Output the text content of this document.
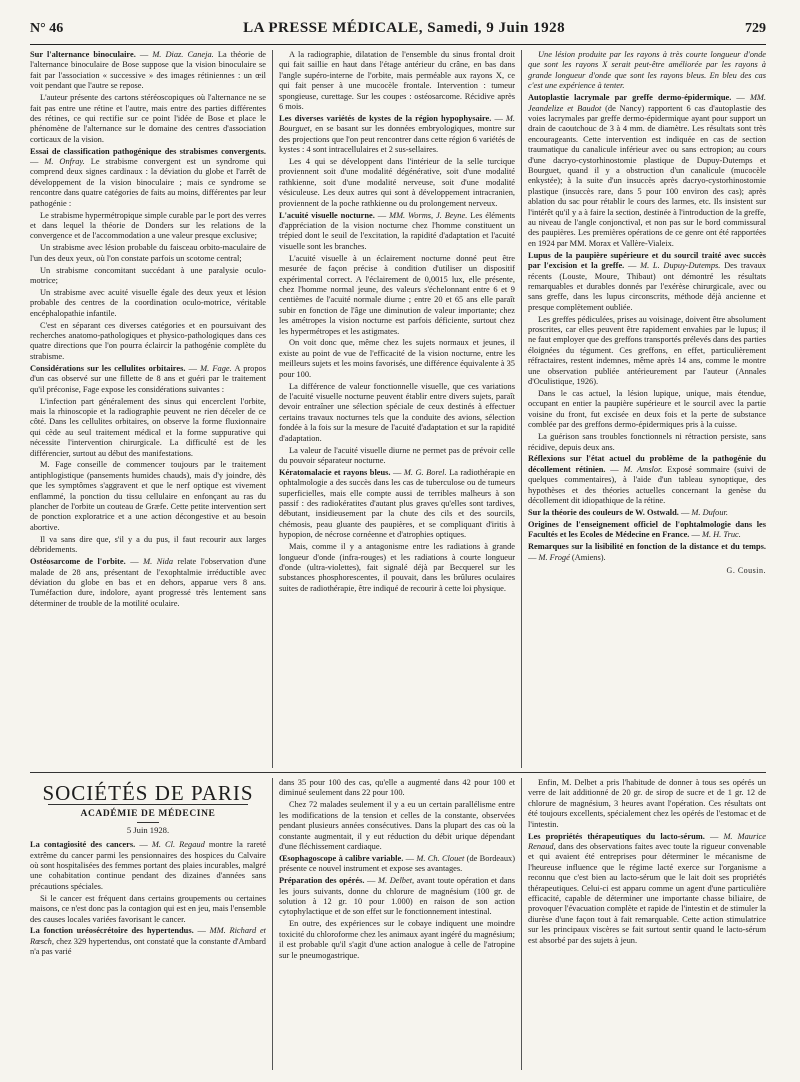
N° 46	LA PRESSE MÉDICALE, Samedi, 9 Juin 1928	729

Sur l'alternance binoculaire. — M. Diaz. Caneja. La théorie de l'alternance binoculaire de Bose suppose que la vision binoculaire se fait par l'association « successive » des images rétiniennes : un œil voit pendant que l'autre se repose.

L'auteur présente des cartons stéréoscopiques où l'alternance ne se fait pas entre une rétine et l'autre, mais entre des parties différentes des rétines, ce qui rectifie sur ce point l'idée de Bose et place le phénomène de l'alternance sur le domaine des centres d'association corticaux de la vision.

Essai de classification pathogénique des strabismes convergents. — M. Onfray. Le strabisme convergent est un syndrome qui comprend deux signes cardinaux : la déviation du globe et l'arrêt de développement de la vision binoculaire ; mais ce syndrome se rencontre dans quatre catégories de faits au moins, différentes par leur pathogénie :

Le strabisme hypermétropique simple curable par le port des verres et dans lequel la théorie de Donders sur les relations de la convergence et de l'accommodation a une valeur presque exclusive;

Un strabisme avec lésion probable du faisceau orbito-maculaire de l'un des deux yeux, où l'on constate parfois un scotome central;

Un strabisme concomitant succédant à une paralysie oculo-motrice;

Un strabisme avec acuité visuelle égale des deux yeux et lésion probable des centres de la coordination oculo-motrice, véritable encéphalopathie infantile.

C'est en séparant ces diverses catégories et en poursuivant des recherches anatomo-pathologiques et physico-pathologiques dans ces quatre directions que l'on pourra éclaircir la pathogénie complète du strabisme.

Considérations sur les cellulites orbitaires. — M. Fage. A propos d'un cas observé sur une fillette de 8 ans et guéri par le traitement qu'il préconise, Fage expose les considérations suivantes :

L'infection part généralement des sinus qui encerclent l'orbite, mais la rhinoscopie et la radiographie peuvent ne rien déceler de ce côté. Dans les cellulites orbitaires, on observe la forme fluxionnaire qui cède au seul traitement médical et la forme suppurative qui nécessite l'intervention chirurgicale. La difficulté est de les différencier, surtout au début des manifestations.

M. Fage conseille de commencer toujours par le traitement antiphlogistique (pansements humides chauds), mais d'y joindre, dès que les symptômes s'aggravent et que le nerf optique est vivement enflammé, la ponction du tissu cellulaire en enfonçant au ras du plancher de l'orbite un couteau de Græfe. Cette petite intervention sert de ponction exploratrice et a une action décongestive et au besoin abortive.

Il va sans dire que, s'il y a du pus, il faut recourir aux larges débridements.

Ostéosarcome de l'orbite. — M. Nida relate l'observation d'une malade de 28 ans, présentant de l'exophtalmie irréductible avec déviation du globe en bas et en dehors, apparue vers 8 ans. Tuméfaction dure, indolore, ayant progressé très lentement sans déterminer de trouble de la motilité oculaire.

A la radiographie, dilatation de l'ensemble du sinus frontal droit qui fait saillie en haut dans l'étage antérieur du crâne, en bas dans l'angle supéro-interne de l'orbite, mais perméable aux rayons X, ce qui fait penser à une mucocèle frontale. Intervention : tumeur spongieuse, curettage. Sur les coupes : ostéosarcome. Récidive après 6 mois.

Les diverses variétés de kystes de la région hypophysaire. — M. Bourguet, en se basant sur les données embryologiques, montre sur des projections que l'on peut rencontrer dans cette région 6 variétés de kystes : 4 sont intracellulaires et 2 sus-sellaires.

Les 4 qui se développent dans l'intérieur de la selle turcique proviennent soit d'une modalité dégénérative, soit d'une modalité rathkienne, soit d'une modalité nerveuse, soit d'une modalité vésiculeuse. Les deux autres qui sont à développement intracranien, proviennent de la poche rathkienne ou du prolongement nerveux.

L'acuité visuelle nocturne. — MM. Worms, J. Beyne. Les éléments d'appréciation de la vision nocturne chez l'homme constituent un trépied dont le seuil de l'excitation, la rapidité d'adaptation et l'acuité visuelle sont les branches.

L'acuité visuelle à un éclairement nocturne donné peut être mesurée de façon précise à condition d'utiliser un dispositif expérimental correct. A l'éclairement de 0,0015 lux, elle présente, chez l'homme normal jeune, des valeurs s'échelonnant entre 6 et 9 centièmes de l'acuité normale diurne ; entre 20 et 65 ans elle paraît subir en fonction de l'âge une diminution de valeur importante; chez les amétropes la vision nocturne est parfois déficiente, surtout chez les hypermétropes et les astigmates.

On voit donc que, même chez les sujets normaux et jeunes, il existe au point de vue de l'efficacité de la vision nocturne, entre les meilleurs sujets et les moins favorisés, une différence équivalente à 35 pour 100.

La différence de valeur fonctionnelle visuelle, que ces variations de l'acuité visuelle nocturne peuvent établir entre divers sujets, paraît devoir entraîner une sélection spéciale de ceux destinés à effectuer certains travaux nocturnes tels que la conduite des avions, sélection fondée à la fois sur la mesure de l'acuité d'adaptation et sur la rapidité d'adaptation.

La valeur de l'acuité visuelle diurne ne permet pas de prévoir celle du pouvoir séparateur nocturne.

Kératomalacie et rayons bleus. — M. G. Borel. La radiothérapie en ophtalmologie a des succès dans les cas de tuberculose ou de tumeurs superficielles, mais elle compte aussi de terribles malheurs à son passif : des radiokératites d'autant plus graves qu'elles sont tardives, débutant, insidieusement par la chute des cils et des sourcils, chémosis, peau gluante des paupières, et se compliquant d'iritis à hypopion, de nécrose cornéenne et d'atrophies optiques.

Mais, comme il y a antagonisme entre les radiations à grande longueur d'onde (infra-rouges) et les radiations à courte longueur d'onde (ultra-violettes), fait signalé déjà par Becquerel sur les substances phosphorescentes, il pouvait, dans les brûlures oculaires suites de radiothérapie, être indiqué de recourir à cette loi physique.

Une lésion produite par les rayons à très courte longueur d'onde que sont les rayons X serait peut-être améliorée par les rayons à grande longueur d'onde que sont les rayons bleus. En bleu des cas c'est une expérience à tenter.

Autoplastie lacrymale par greffe dermo-épidermique. — MM. Jeandelize et Baudot (de Nancy) rapportent 6 cas d'autoplastie des voies lacrymales par greffe dermo-épidermique ayant pour support un drain de caoutchouc de 3 à 4 mm. de diamètre. Les résultats sont très encourageants. Cette intervention est indiquée en cas de section traumatique du canalicule inférieur avec ou sans ectropion; au cours d'une dacryo-cystorhinostomie plastique de Dupuy-Dutemps et Bourguet, quand il y a obstruction d'un canalicule (mucocèle enkystée); à la suite d'un insuccès après dacryo-cystorhinostomie plastique (insuccès rare, dans 5 pour 100 environ des cas); après ablation du sac pour rétablir le cours des larmes, etc. Ils insistent sur l'intérêt qu'il y a à faire la section, destinée à l'introduction de la greffe, au niveau de l'angle conjonctival, et non pas sur le bord commissural des paupières. Les premières opérations de ce genre ont été rapportées en 1924 par MM. Morax et Vallère-Vialeix.

Lupus de la paupière supérieure et du sourcil traité avec succès par l'excision et la greffe. — M. L. Dupuy-Dutemps. Des travaux récents (Louste, Moure, Thibaut) ont démontré les résultats remarquables et durables donnés par l'exérèse chirurgicale, avec ou sans greffe, dans les lupus circonscrits, méthode déjà ancienne et presque complètement oubliée.

Les greffes pédiculées, prises au voisinage, doivent être absolument proscrites, car elles peuvent être rapidement envahies par le lupus; il ne faut employer que des greffons transportés prélevés dans des parties éloignées du tégument. Ces greffons, en effet, particulièrement réfractaires, restent indemnes, même après 14 ans, comme le montre une observation publiée antérieurement par l'auteur (Annales d'Oculistique, 1926).

Dans le cas actuel, la lésion lupique, unique, mais étendue, occupant en entier la paupière supérieure et le sourcil avec la partie voisine du front, fut excisée en deux fois et la perte de substance comblée par des greffons dermo-épidermiques pris à la cuisse.

La guérison sans troubles fonctionnels ni rétraction persiste, sans récidive, depuis deux ans.

Réflexions sur l'état actuel du problème de la pathogénie du décollement rétinien. — M. Amslor. Exposé sommaire (suivi de quelques commentaires), à l'aide d'un tableau synoptique, des hypothèses et des théories actuelles concernant la genèse du décollement dit idiopathique de la rétine.

Sur la théorie des couleurs de W. Ostwald. — M. Dufour.

Origines de l'enseignement officiel de l'ophtalmologie dans les Facultés et les Ecoles de Médecine en France. — M. H. Truc.

Remarques sur la lisibilité en fonction de la distance et du temps. — M. Frogé (Amiens).

G. Cousin.
SOCIÉTÉS DE PARIS
ACADÉMIE DE MÉDECINE
5 Juin 1928.

La contagiosité des cancers. — M. Cl. Regaud montre la rareté extrême du cancer parmi les pensionnaires des hospices du Calvaire où sont hospitalisées des femmes portant des plaies incurables, malgré une cohabitation continue pendant des dizaines d'années sans précautions spéciales.

Si le cancer est fréquent dans certains groupements ou certaines maisons, ce n'est donc pas la contagion qui est en jeu, mais l'ensemble des causes locales variées favorisant le cancer.

La fonction uréosécrétoire des hypertendus. — MM. Richard et Rœsch, chez 329 hypertendus, ont constaté que la constante d'Ambard n'a pas varié

dans 35 pour 100 des cas, qu'elle a augmenté dans 42 pour 100 et diminué seulement dans 22 pour 100.

Chez 72 malades seulement il y a eu un certain parallélisme entre les modifications de la tension et celles de la constante, observées pendant plusieurs années consécutives. Dans la plupart des cas où la constante augmentait, il y eut réduction du débit urique dépendant d'une fléchissement cardiaque.

Œsophagoscope à calibre variable. — M. Ch. Clouet (de Bordeaux) présente ce nouvel instrument et expose ses avantages.

Préparation des opérés. — M. Delbet, avant toute opération et dans les jours suivants, donne du chlorure de magnésium (100 gr. de solution à 12 gr. 10 pour 1.000) en raison de son action cytophylactique et de son effet sur le fonctionnement intestinal.

En outre, des expériences sur le cobaye indiquent une moindre toxicité du chloroforme chez les animaux ayant ingéré du magnésium; il est probable qu'il s'agit d'une action analogue à celle de l'atropine sur le pneumogastrique.

Enfin, M. Delbet a pris l'habitude de donner à tous ses opérés un verre de lait additionné de 20 gr. de sirop de sucre et de 1 gr. 12 de chlorure de magnésium, 3 heures avant l'opération. Ces résultats ont été toujours excellents, spécialement chez les opérés de l'estomac et de l'intestin.

Les propriétés thérapeutiques du lacto-sérum. — M. Maurice Renaud, dans des observations faites avec toute la rigueur convenable et qui avaient été entreprises pour déterminer le mécanisme de l'heureuse influence que le régime lacté exerce sur l'organisme a reconnu que c'est bien au lacto-sérum que le lait doit ses propriétés thérapeutiques. Celui-ci est apparu comme un agent d'une particulière efficacité, capable de déterminer une importante chasse biliaire, de provoquer l'évacuation complète et rapide de l'intestin et de stimuler la diurèse d'une façon tout à fait remarquable. Cette action stimulatrice sur les principaux viscères se fait surtout sentir quand le lacto-sérum est absorbé par des sujets à jeun.
